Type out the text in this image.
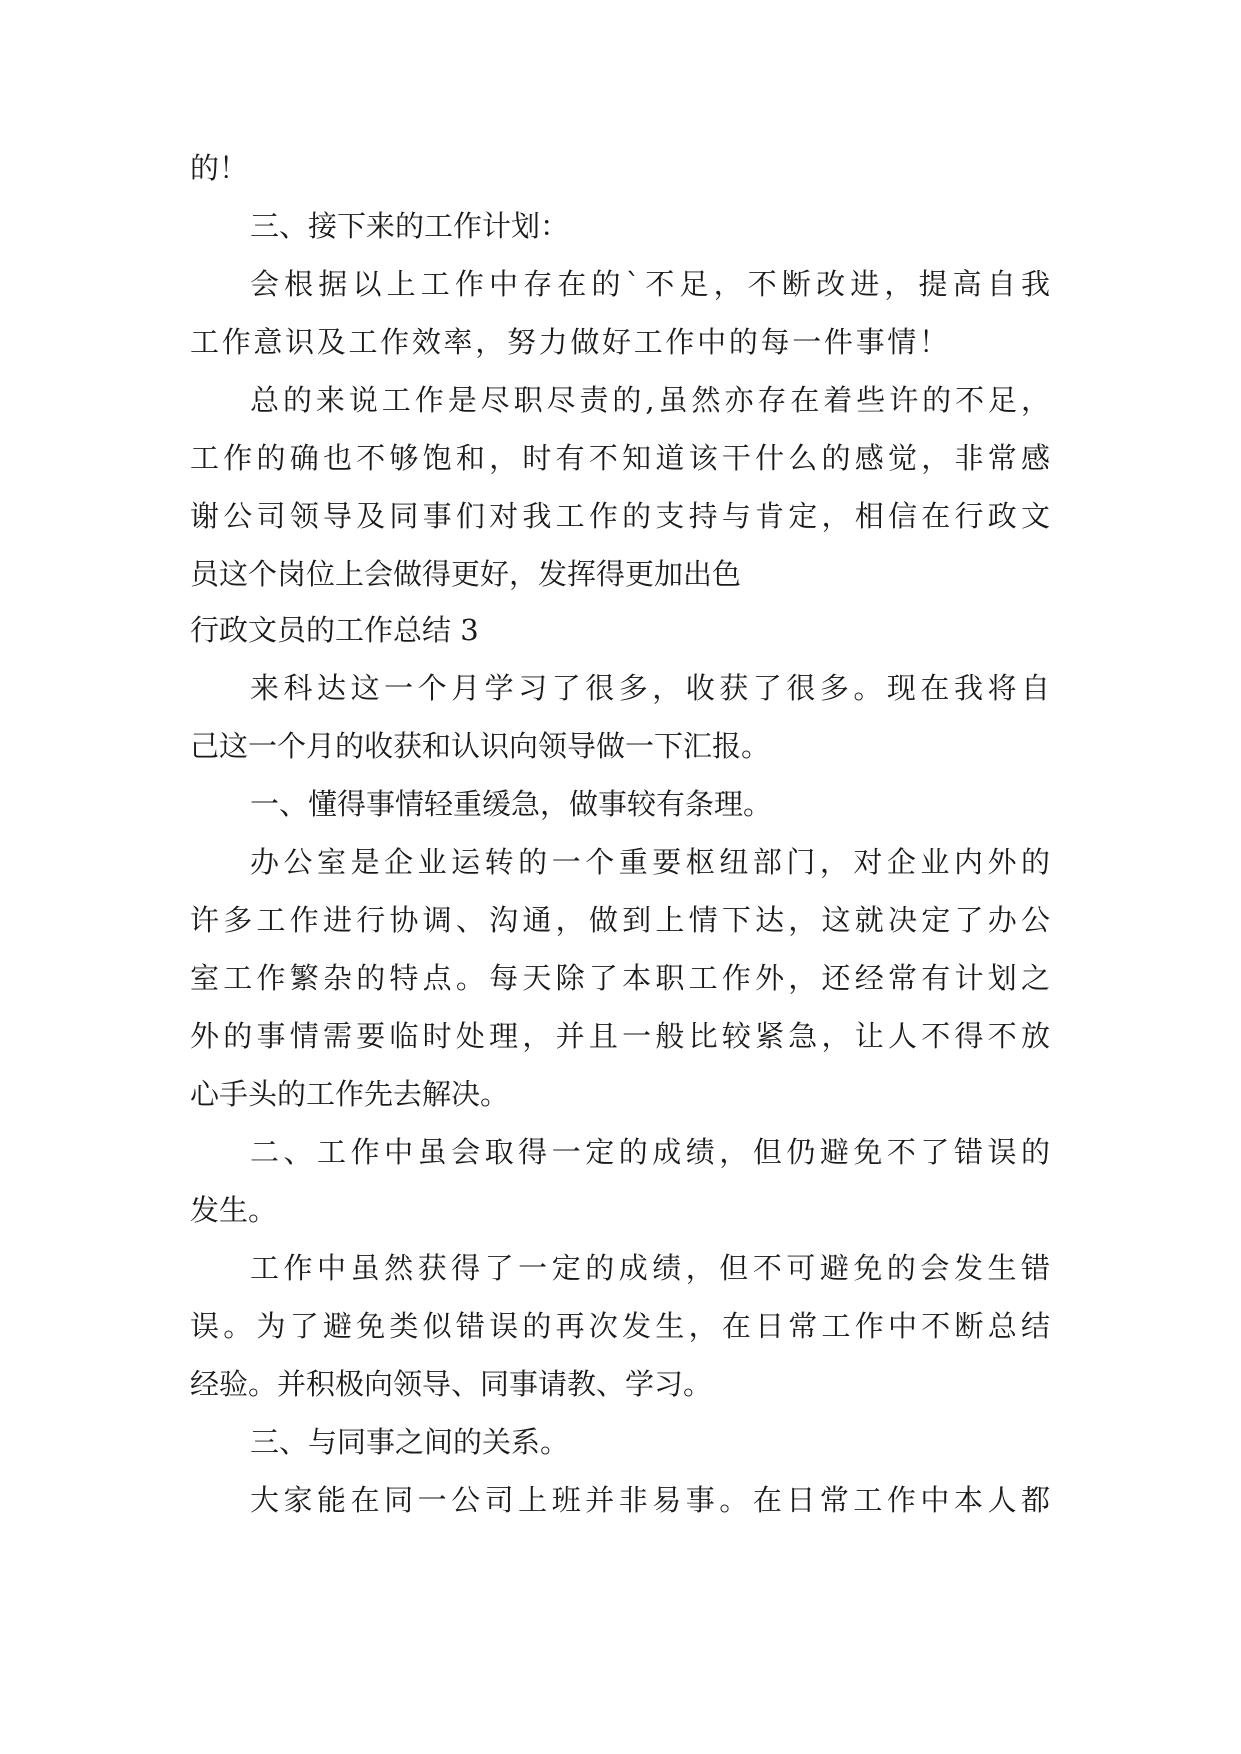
的！

三、接下来的工作计划：

会根据以上工作中存在的`不足，不断改进，提高自我

工作意识及工作效率，努力做好工作中的每一件事情！

总的来说工作是尽职尽责的,虽然亦存在着些许的不足，

工作的确也不够饱和，时有不知道该干什么的感觉，非常感

谢公司领导及同事们对我工作的支持与肯定，相信在行政文

员这个岗位上会做得更好，发挥得更加出色

行政文员的工作总结 3

来科达这一个月学习了很多，收获了很多。现在我将自

己这一个月的收获和认识向领导做一下汇报。

一、懂得事情轻重缓急，做事较有条理。

办公室是企业运转的一个重要枢纽部门，对企业内外的

许多工作进行协调、沟通，做到上情下达，这就决定了办公

室工作繁杂的特点。每天除了本职工作外，还经常有计划之

外的事情需要临时处理，并且一般比较紧急，让人不得不放

心手头的工作先去解决。

二、工作中虽会取得一定的成绩，但仍避免不了错误的

发生。

工作中虽然获得了一定的成绩，但不可避免的会发生错

误。为了避免类似错误的再次发生，在日常工作中不断总结

经验。并积极向领导、同事请教、学习。

三、与同事之间的关系。

大家能在同一公司上班并非易事。在日常工作中本人都
